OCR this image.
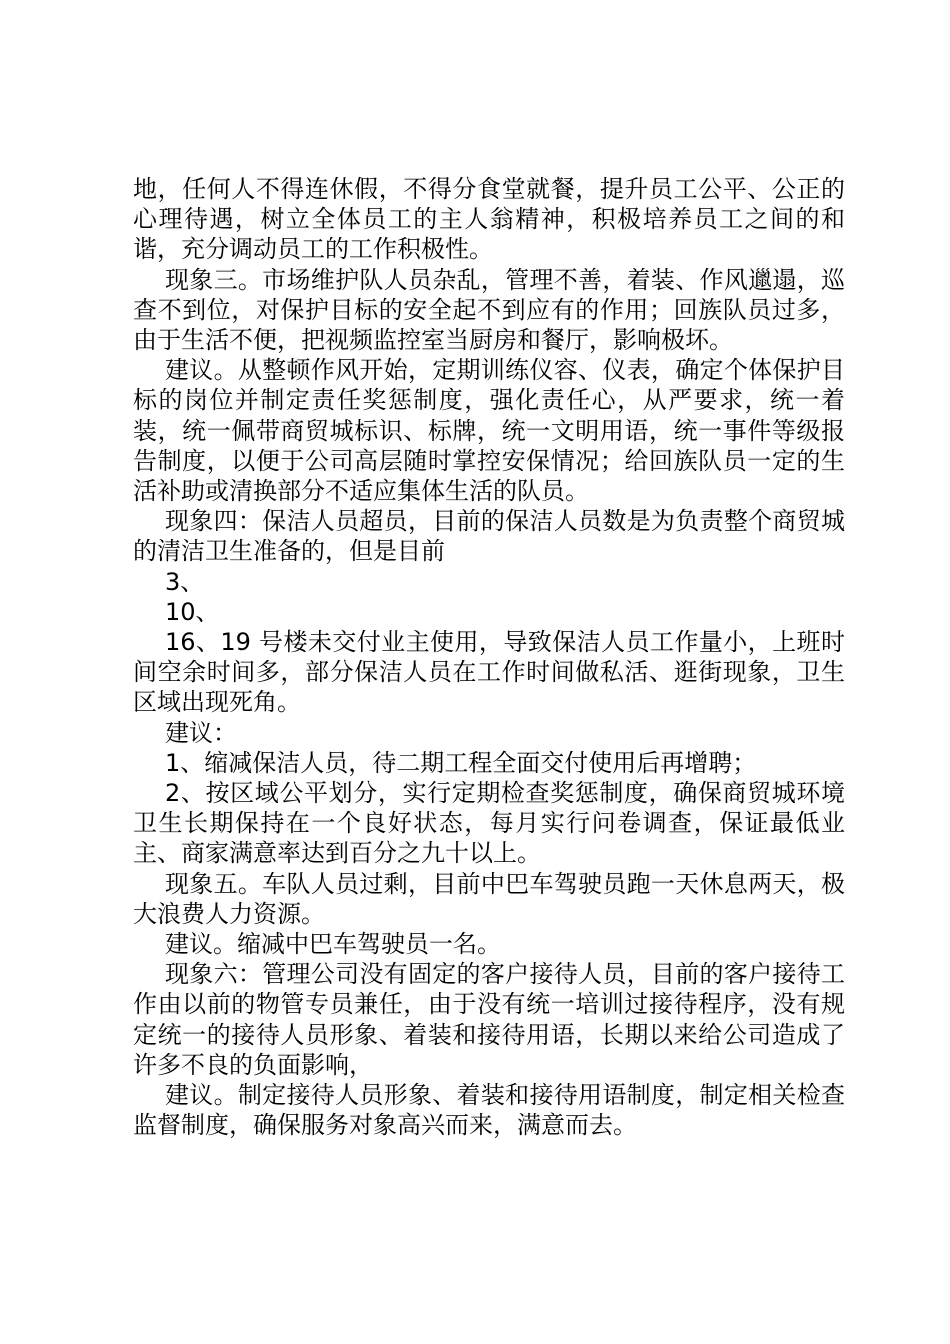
地，任何人不得连休假，不得分食堂就餐，提升员工公平、公正的心理待遇，树立全体员工的主人翁精神，积极培养员工之间的和谐，充分调动员工的工作积极性。

现象三。市场维护队人员杂乱，管理不善，着装、作风邋遢，巡查不到位，对保护目标的安全起不到应有的作用；回族队员过多，由于生活不便，把视频监控室当厨房和餐厅，影响极坏。

建议。从整顿作风开始，定期训练仪容、仪表，确定个体保护目标的岗位并制定责任奖惩制度，强化责任心，从严要求，统一着装，统一佩带商贸城标识、标牌，统一文明用语，统一事件等级报告制度，以便于公司高层随时掌控安保情况；给回族队员一定的生活补助或清换部分不适应集体生活的队员。

现象四：保洁人员超员，目前的保洁人员数是为负责整个商贸城的清洁卫生准备的，但是目前

3、

10、

16、19 号楼未交付业主使用，导致保洁人员工作量小，上班时间空余时间多，部分保洁人员在工作时间做私活、逛街现象，卫生区域出现死角。

建议：

1、缩减保洁人员，待二期工程全面交付使用后再增聘；

2、按区域公平划分，实行定期检查奖惩制度，确保商贸城环境卫生长期保持在一个良好状态，每月实行问卷调查，保证最低业主、商家满意率达到百分之九十以上。

现象五。车队人员过剩，目前中巴车驾驶员跑一天休息两天，极大浪费人力资源。

建议。缩减中巴车驾驶员一名。

现象六：管理公司没有固定的客户接待人员，目前的客户接待工作由以前的物管专员兼任，由于没有统一培训过接待程序，没有规定统一的接待人员形象、着装和接待用语，长期以来给公司造成了许多不良的负面影响，

建议。制定接待人员形象、着装和接待用语制度，制定相关检查监督制度，确保服务对象高兴而来，满意而去。
